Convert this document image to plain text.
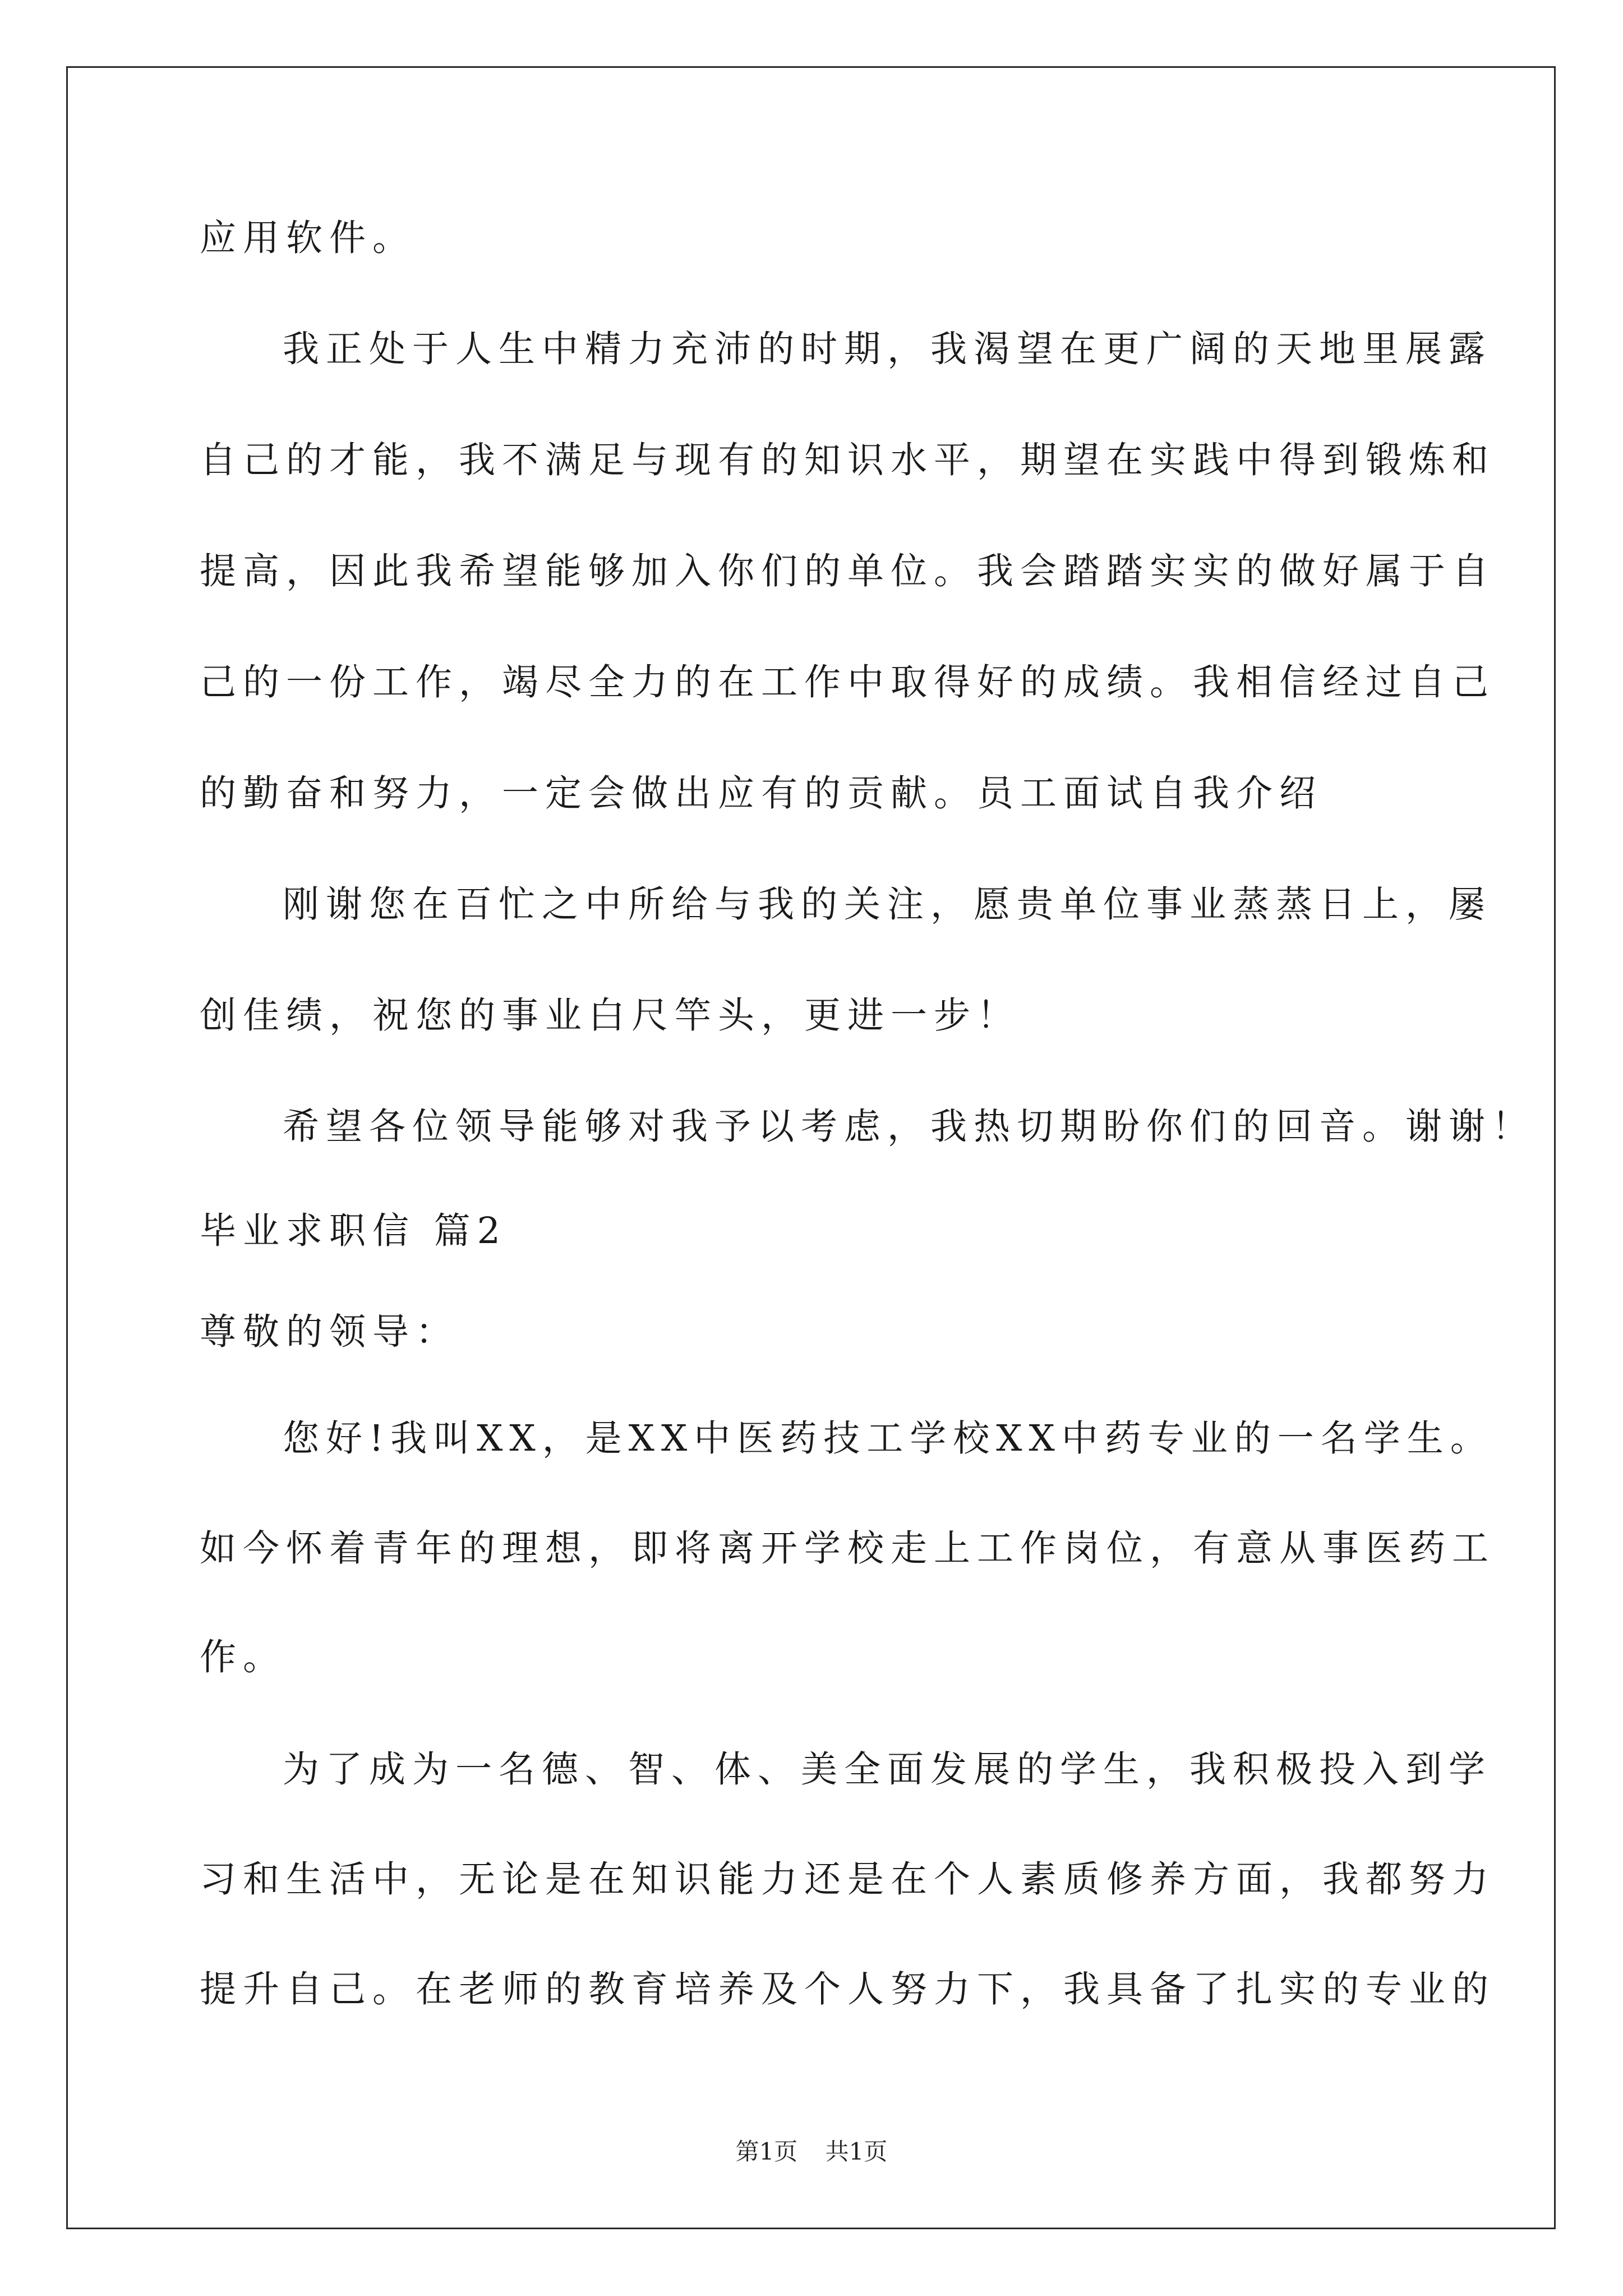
应用软件。
我正处于人生中精力充沛的时期，我渴望在更广阔的天地里展露
自己的才能，我不满足与现有的知识水平，期望在实践中得到锻炼和
提高，因此我希望能够加入你们的单位。我会踏踏实实的做好属于自
己的一份工作，竭尽全力的在工作中取得好的成绩。我相信经过自己
的勤奋和努力，一定会做出应有的贡献。员工面试自我介绍
刚谢您在百忙之中所给与我的关注，愿贵单位事业蒸蒸日上，屡
创佳绩，祝您的事业白尺竿头，更进一步！
希望各位领导能够对我予以考虑，我热切期盼你们的回音。谢谢！
毕业求职信 篇2
尊敬的领导：
您好!我叫XX，是XX中医药技工学校XX中药专业的一名学生。
如今怀着青年的理想，即将离开学校走上工作岗位，有意从事医药工
作。
为了成为一名德、智、体、美全面发展的学生，我积极投入到学
习和生活中，无论是在知识能力还是在个人素质修养方面，我都努力
提升自己。在老师的教育培养及个人努力下，我具备了扎实的专业的
第1页 共1页
